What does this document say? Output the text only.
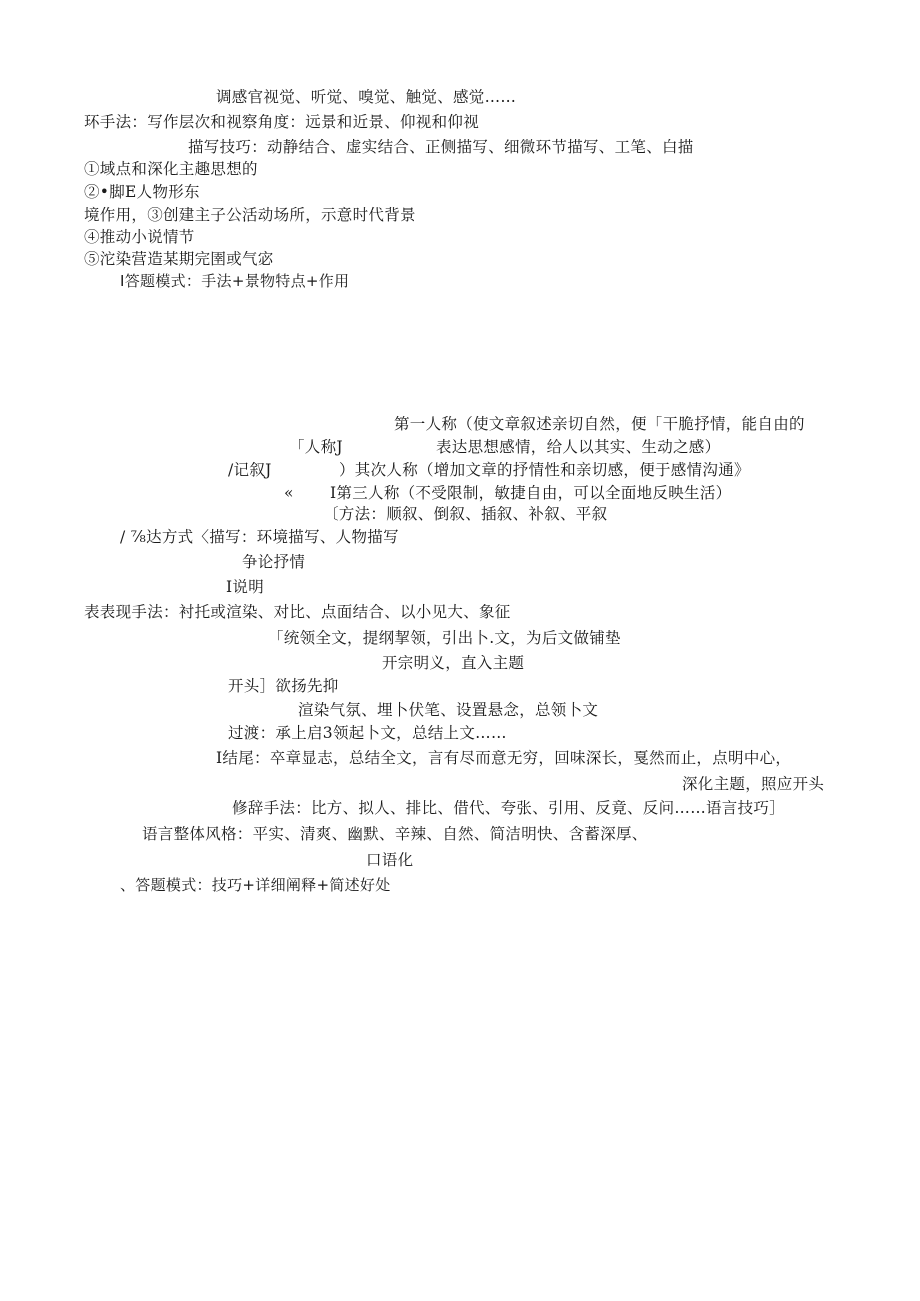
调感官视觉、听觉、嗅觉、触觉、感觉……
环手法：写作层次和视察角度：远景和近景、仰视和仰视
描写技巧：动静结合、虚实结合、正侧描写、细微环节描写、工笔、白描
①域点和深化主趣思想的
②•脚E人物形东
境作用，③创建主子公活动场所，示意时代背景
④推动小说情节
⑤沱染营造某期完圉或气宓
I答题模式：手法+景物特点+作用
第一人称（使文章叙述亲切自然，便「干脆抒情，能自由的
「人称J	表达思想感情，给人以其实、生动之感）
/记叙J	）其次人称（增加文章的抒情性和亲切感，便于感情沟通》
« I第三人称（不受限制，敏捷自由，可以全面地反映生活）
〔方法：顺叙、倒叙、插叙、补叙、平叙
/ ⅞达方式〈描写：环境描写、人物描写
争论抒情
I说明
表表现手法：衬托或渲染、对比、点面结合、以小见大、象征
「统领全文，提纲挈领，引出卜.文，为后文做铺垫
开宗明义，直入主题
开头］欲扬先抑
渲染气氛、埋卜伏笔、设置悬念，总领卜文
过渡：承上启3领起卜文，总结上文……
I结尾：卒章显志，总结全文，言有尽而意无穷，回味深长，戛然而止，点明中心，
深化主题，照应开头
修辞手法：比方、拟人、排比、借代、夸张、引用、反竟、反问……语言技巧］
语言整体风格：平实、清爽、幽默、辛辣、自然、简洁明快、含蓄深厚、
口语化
、答题模式：技巧+详细阐释+简述好处
